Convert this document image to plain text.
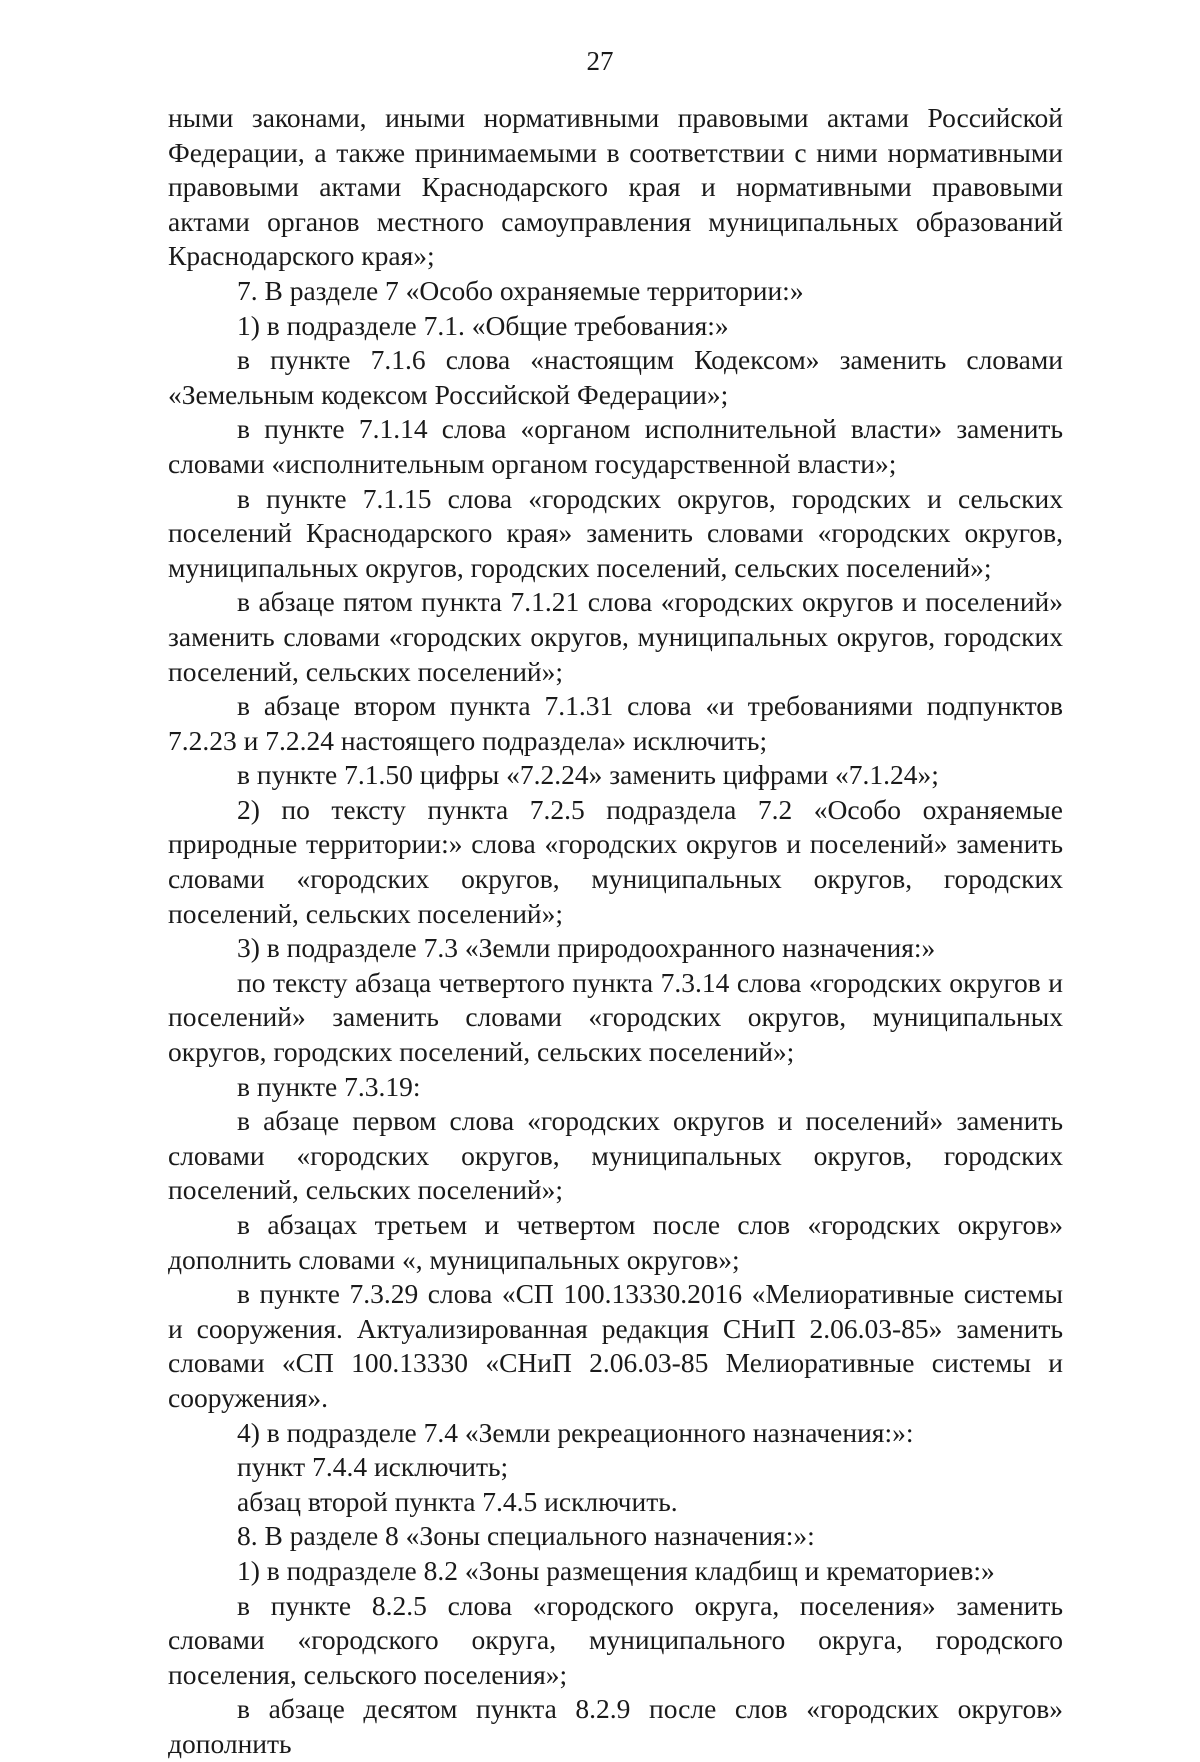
27

ными законами, иными нормативными правовыми актами Российской Федерации, а также принимаемыми в соответствии с ними нормативными правовыми актами Краснодарского края и нормативными правовыми актами органов местного самоуправления муниципальных образований Краснодарского края»;

7. В разделе 7 «Особо охраняемые территории:»

1) в подразделе 7.1. «Общие требования:»

в пункте 7.1.6 слова «настоящим Кодексом» заменить словами «Земельным кодексом Российской Федерации»;

в пункте 7.1.14 слова «органом исполнительной власти» заменить словами «исполнительным органом государственной власти»;

в пункте 7.1.15 слова «городских округов, городских и сельских поселений Краснодарского края» заменить словами «городских округов, муниципальных округов, городских поселений, сельских поселений»;

в абзаце пятом пункта 7.1.21 слова «городских округов и поселений» заменить словами «городских округов, муниципальных округов, городских поселений, сельских поселений»;

в абзаце втором пункта 7.1.31 слова «и требованиями подпунктов 7.2.23 и 7.2.24 настоящего подраздела» исключить;

в пункте 7.1.50 цифры «7.2.24» заменить цифрами «7.1.24»;

2) по тексту пункта 7.2.5 подраздела 7.2 «Особо охраняемые природные территории:» слова «городских округов и поселений» заменить словами «городских округов, муниципальных округов, городских поселений, сельских поселений»;

3) в подразделе 7.3 «Земли природоохранного назначения:»

по тексту абзаца четвертого пункта 7.3.14 слова «городских округов и поселений» заменить словами «городских округов, муниципальных округов, городских поселений, сельских поселений»;

в пункте 7.3.19:

в абзаце первом слова «городских округов и поселений» заменить словами «городских округов, муниципальных округов, городских поселений, сельских поселений»;

в абзацах третьем и четвертом после слов «городских округов» дополнить словами «, муниципальных округов»;

в пункте 7.3.29 слова «СП 100.13330.2016 «Мелиоративные системы и сооружения. Актуализированная редакция СНиП 2.06.03-85» заменить словами «СП 100.13330 «СНиП 2.06.03-85 Мелиоративные системы и сооружения».

4) в подразделе 7.4 «Земли рекреационного назначения:»:

пункт 7.4.4 исключить;

абзац второй пункта 7.4.5 исключить.

8. В разделе 8 «Зоны специального назначения:»:

1) в подразделе 8.2 «Зоны размещения кладбищ и крематориев:»

в пункте 8.2.5 слова «городского округа, поселения» заменить словами «городского округа, муниципального округа, городского поселения, сельского поселения»;

в абзаце десятом пункта 8.2.9 после слов «городских округов» дополнить
